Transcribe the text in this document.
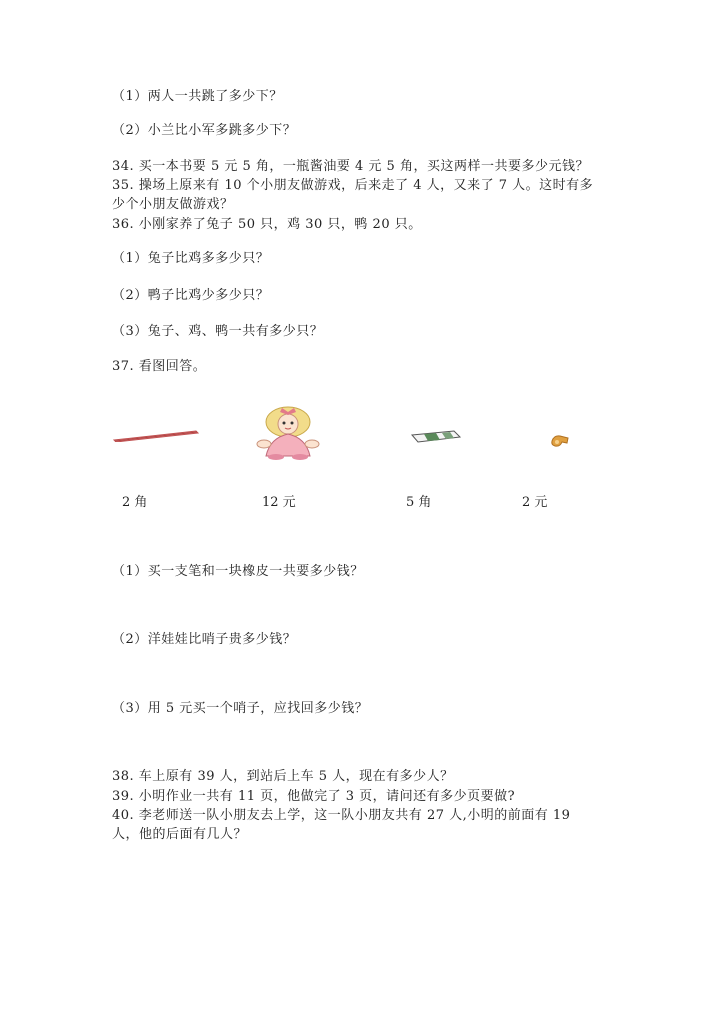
（1）两人一共跳了多少下？
（2）小兰比小军多跳多少下？
34. 买一本书要 5 元 5 角，一瓶酱油要 4 元 5 角，买这两样一共要多少元钱？
35. 操场上原来有 10 个小朋友做游戏，后来走了 4 人，又来了 7 人。这时有多
少个小朋友做游戏？
36. 小刚家养了兔子 50 只，鸡 30 只，鸭 20 只。
（1）兔子比鸡多多少只？
（2）鸭子比鸡少多少只？
（3）兔子、鸡、鸭一共有多少只？
37. 看图回答。
2 角	12 元	5 角	2 元
（1）买一支笔和一块橡皮一共要多少钱？
（2）洋娃娃比哨子贵多少钱？
（3）用 5 元买一个哨子，应找回多少钱？
38. 车上原有 39 人，到站后上车 5 人，现在有多少人？
39. 小明作业一共有 11 页，他做完了 3 页，请问还有多少页要做?
40. 李老师送一队小朋友去上学，这一队小朋友共有 27 人,小明的前面有 19
人，他的后面有几人？
